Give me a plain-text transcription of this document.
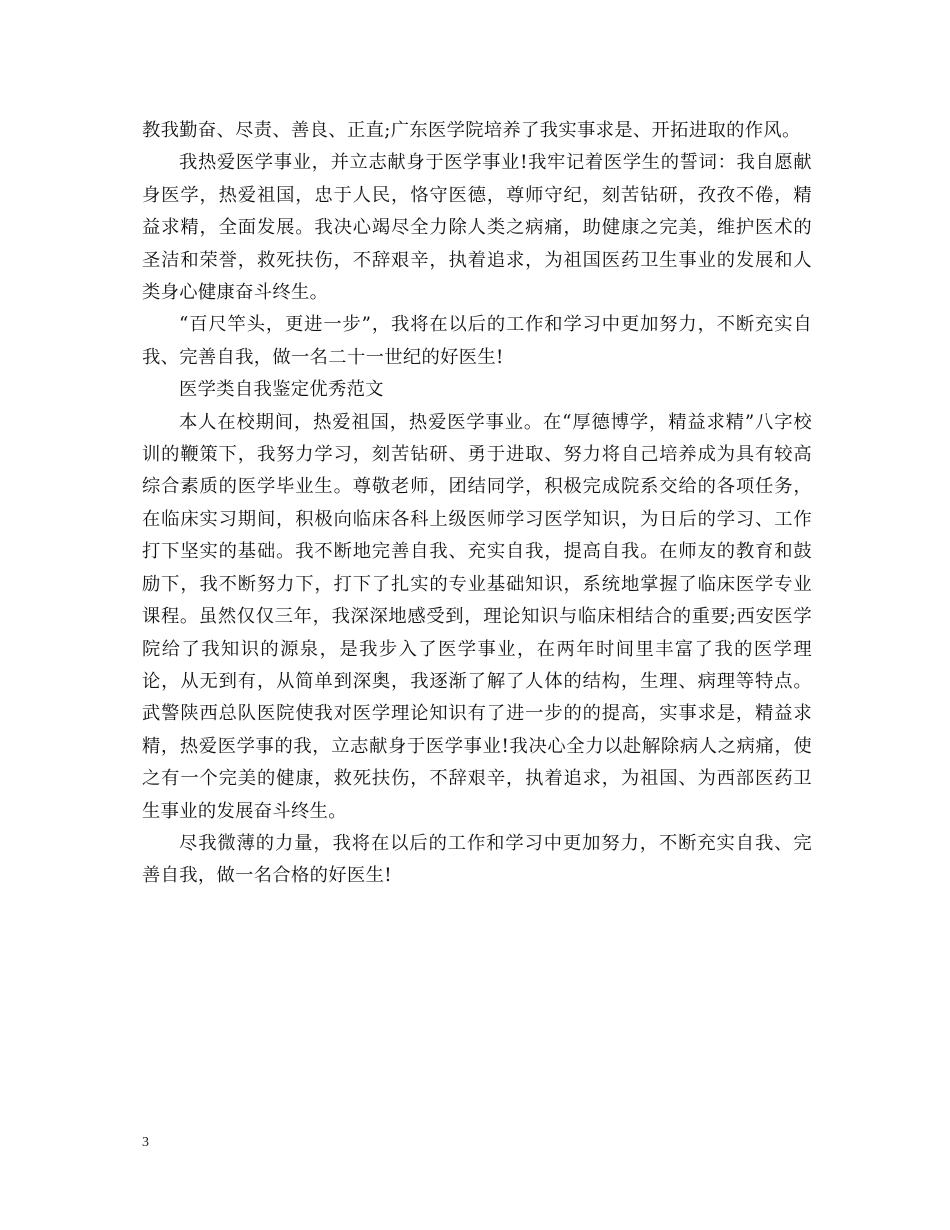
教我勤奋、尽责、善良、正直;广东医学院培养了我实事求是、开拓进取的作风。

我热爱医学事业，并立志献身于医学事业!我牢记着医学生的誓词：我自愿献身医学，热爱祖国，忠于人民，恪守医德，尊师守纪，刻苦钻研，孜孜不倦，精益求精，全面发展。我决心竭尽全力除人类之病痛，助健康之完美，维护医术的圣洁和荣誉，救死扶伤，不辞艰辛，执着追求，为祖国医药卫生事业的发展和人类身心健康奋斗终生。

“百尺竿头，更进一步”，我将在以后的工作和学习中更加努力，不断充实自我、完善自我，做一名二十一世纪的好医生!

医学类自我鉴定优秀范文

本人在校期间，热爱祖国，热爱医学事业。在“厚德博学，精益求精”八字校训的鞭策下，我努力学习，刻苦钻研、勇于进取、努力将自己培养成为具有较高综合素质的医学毕业生。尊敬老师，团结同学，积极完成院系交给的各项任务，在临床实习期间，积极向临床各科上级医师学习医学知识，为日后的学习、工作打下坚实的基础。我不断地完善自我、充实自我，提高自我。在师友的教育和鼓励下，我不断努力下，打下了扎实的专业基础知识，系统地掌握了临床医学专业课程。虽然仅仅三年，我深深地感受到，理论知识与临床相结合的重要;西安医学院给了我知识的源泉，是我步入了医学事业，在两年时间里丰富了我的医学理论，从无到有，从简单到深奥，我逐渐了解了人体的结构，生理、病理等特点。武警陕西总队医院使我对医学理论知识有了进一步的的提高，实事求是，精益求精，热爱医学事的我，立志献身于医学事业!我决心全力以赴解除病人之病痛，使之有一个完美的健康，救死扶伤，不辞艰辛，执着追求，为祖国、为西部医药卫生事业的发展奋斗终生。

尽我微薄的力量，我将在以后的工作和学习中更加努力，不断充实自我、完善自我，做一名合格的好医生!

3
